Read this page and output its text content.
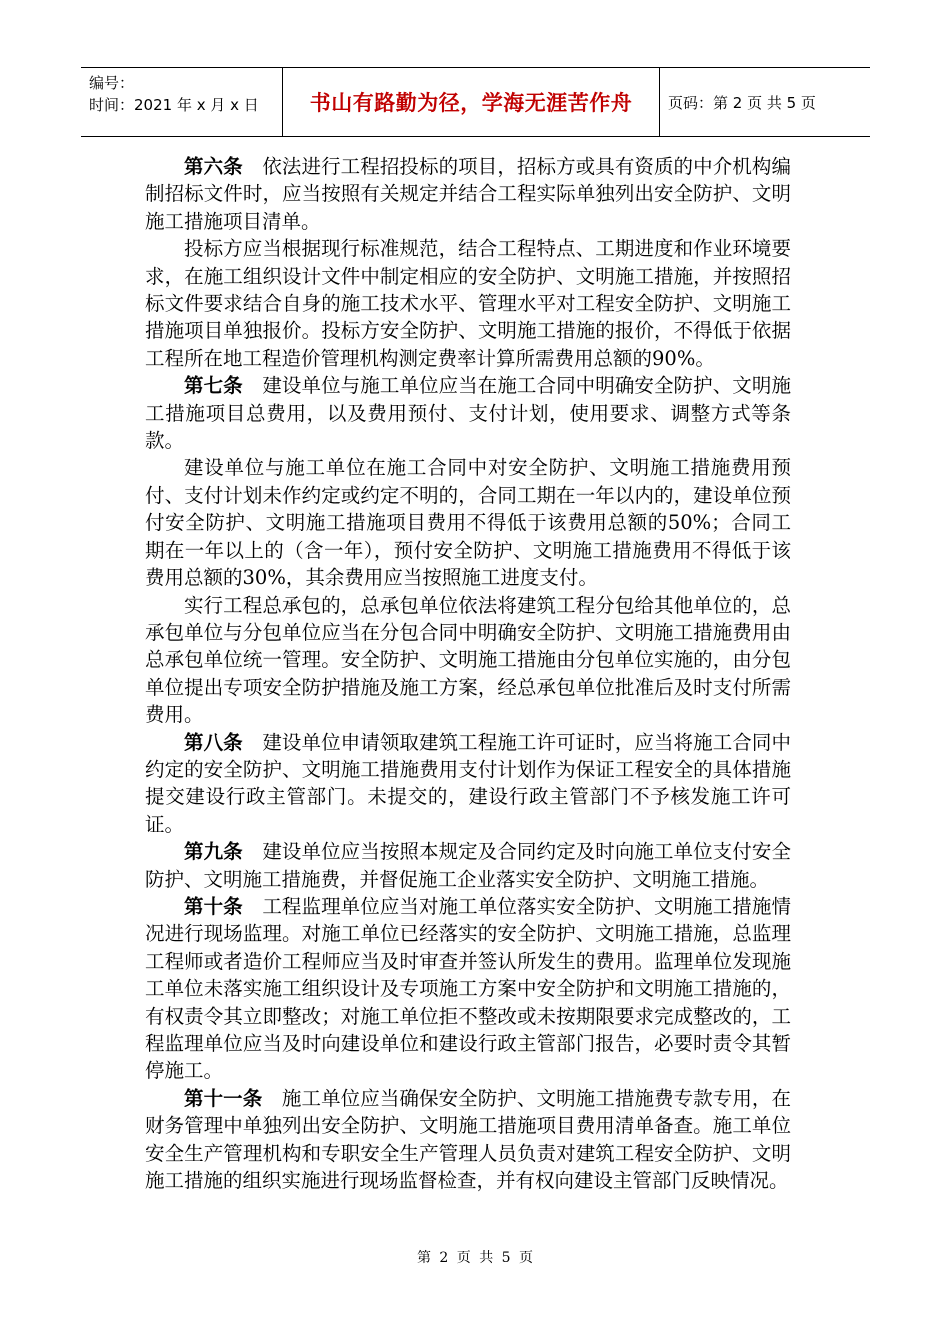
编号：
时间：2021 年 x 月 x 日	书山有路勤为径，学海无涯苦作舟	页码：第 2 页 共 5 页

第六条　依法进行工程招投标的项目，招标方或具有资质的中介机构编制招标文件时，应当按照有关规定并结合工程实际单独列出安全防护、文明施工措施项目清单。

投标方应当根据现行标准规范，结合工程特点、工期进度和作业环境要求，在施工组织设计文件中制定相应的安全防护、文明施工措施，并按照招标文件要求结合自身的施工技术水平、管理水平对工程安全防护、文明施工措施项目单独报价。投标方安全防护、文明施工措施的报价，不得低于依据工程所在地工程造价管理机构测定费率计算所需费用总额的90%。

第七条　建设单位与施工单位应当在施工合同中明确安全防护、文明施工措施项目总费用，以及费用预付、支付计划，使用要求、调整方式等条款。

建设单位与施工单位在施工合同中对安全防护、文明施工措施费用预付、支付计划未作约定或约定不明的，合同工期在一年以内的，建设单位预付安全防护、文明施工措施项目费用不得低于该费用总额的50%；合同工期在一年以上的（含一年），预付安全防护、文明施工措施费用不得低于该费用总额的30%，其余费用应当按照施工进度支付。

实行工程总承包的，总承包单位依法将建筑工程分包给其他单位的，总承包单位与分包单位应当在分包合同中明确安全防护、文明施工措施费用由总承包单位统一管理。安全防护、文明施工措施由分包单位实施的，由分包单位提出专项安全防护措施及施工方案，经总承包单位批准后及时支付所需费用。

第八条　建设单位申请领取建筑工程施工许可证时，应当将施工合同中约定的安全防护、文明施工措施费用支付计划作为保证工程安全的具体措施提交建设行政主管部门。未提交的，建设行政主管部门不予核发施工许可证。

第九条　建设单位应当按照本规定及合同约定及时向施工单位支付安全防护、文明施工措施费，并督促施工企业落实安全防护、文明施工措施。

第十条　工程监理单位应当对施工单位落实安全防护、文明施工措施情况进行现场监理。对施工单位已经落实的安全防护、文明施工措施，总监理工程师或者造价工程师应当及时审查并签认所发生的费用。监理单位发现施工单位未落实施工组织设计及专项施工方案中安全防护和文明施工措施的，有权责令其立即整改；对施工单位拒不整改或未按期限要求完成整改的，工程监理单位应当及时向建设单位和建设行政主管部门报告，必要时责令其暂停施工。

第十一条　施工单位应当确保安全防护、文明施工措施费专款专用，在财务管理中单独列出安全防护、文明施工措施项目费用清单备查。施工单位安全生产管理机构和专职安全生产管理人员负责对建筑工程安全防护、文明施工措施的组织实施进行现场监督检查，并有权向建设主管部门反映情况。

第 2 页 共 5 页
